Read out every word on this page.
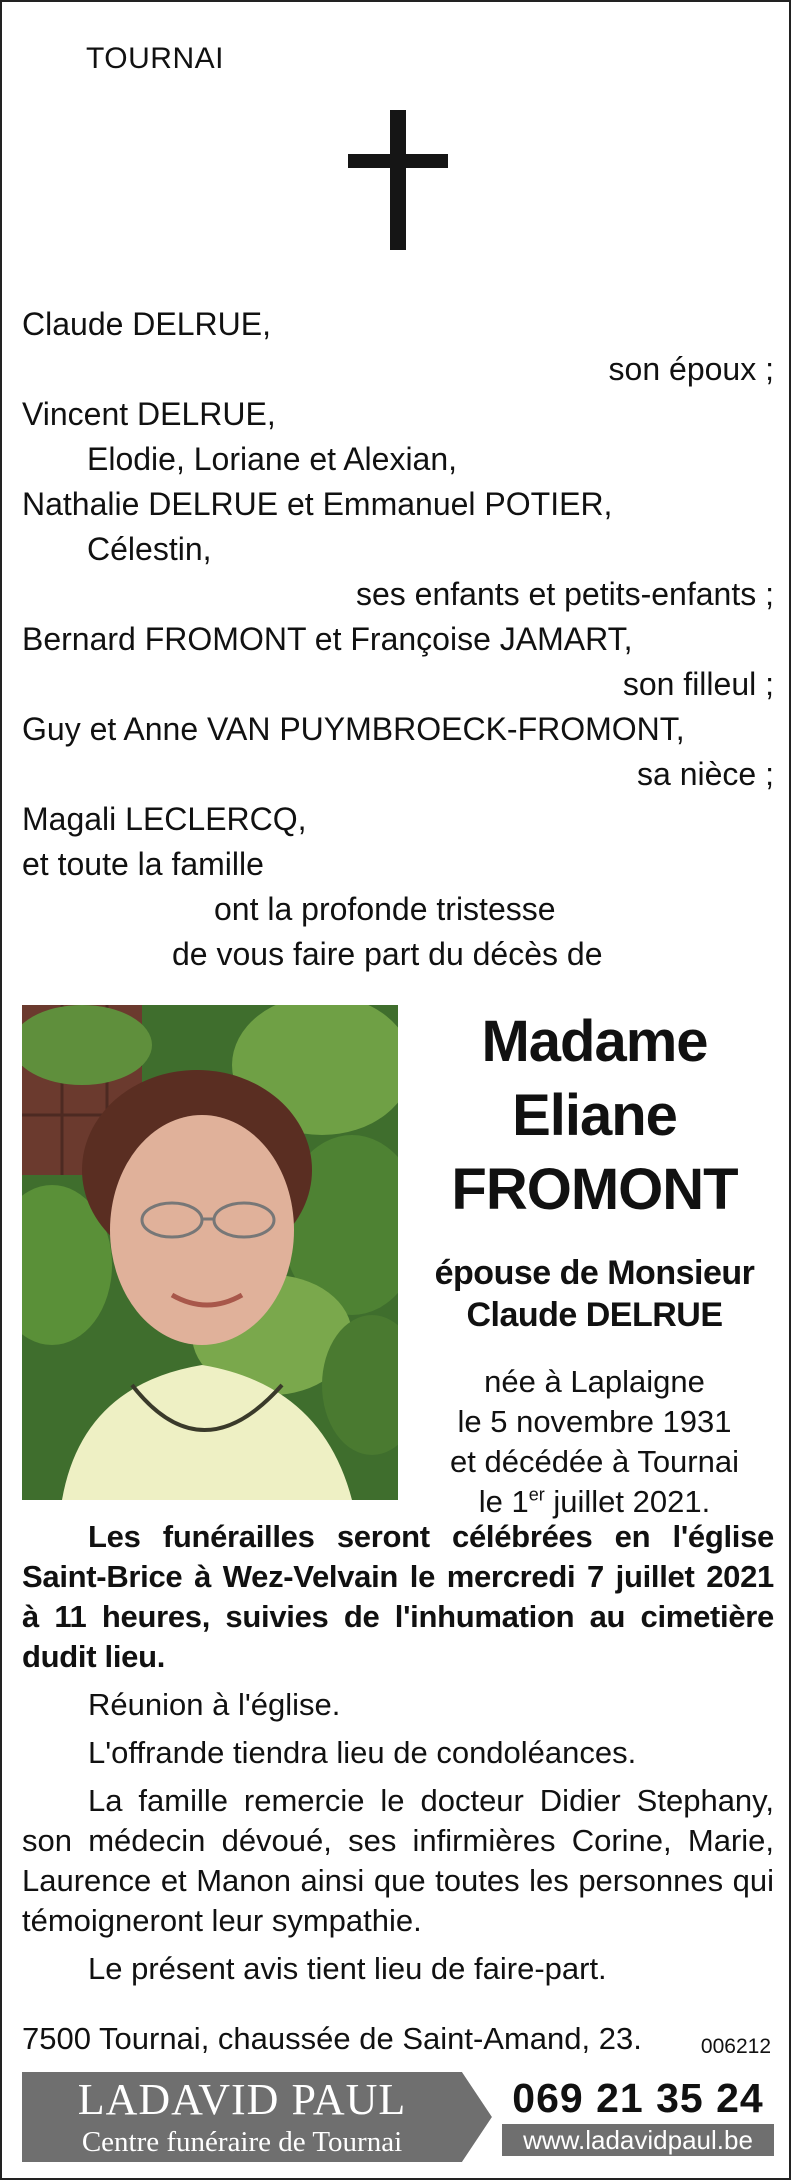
TOURNAI
Claude DELRUE,
son époux ;
Vincent DELRUE,
Elodie, Loriane et Alexian,
Nathalie DELRUE et Emmanuel POTIER,
Célestin,
ses enfants et petits-enfants ;
Bernard FROMONT et Françoise JAMART,
son filleul ;
Guy et Anne VAN PUYMBROECK-FROMONT,
sa nièce ;
Magali LECLERCQ,
et toute la famille
ont la profonde tristesse
de vous faire part du décès de
Madame
Eliane
FROMONT
épouse de Monsieur
Claude DELRUE
née à Laplaigne
le 5 novembre 1931
et décédée à Tournai
le 1er juillet 2021.

Les funérailles seront célébrées en l'église Saint-Brice à Wez-Velvain le mercredi 7 juillet 2021 à 11 heures, suivies de l'inhumation au cimetière dudit lieu.

Réunion à l'église.

L'offrande tiendra lieu de condoléances.

La famille remercie le docteur Didier Stephany, son médecin dévoué, ses infirmières Corine, Marie, Laurence et Manon ainsi que toutes les personnes qui témoigneront leur sympathie.

Le présent avis tient lieu de faire-part.

7500 Tournai, chaussée de Saint-Amand, 23.	006212
LADAVID PAUL
Centre funéraire de Tournai
069 21 35 24
www.ladavidpaul.be
